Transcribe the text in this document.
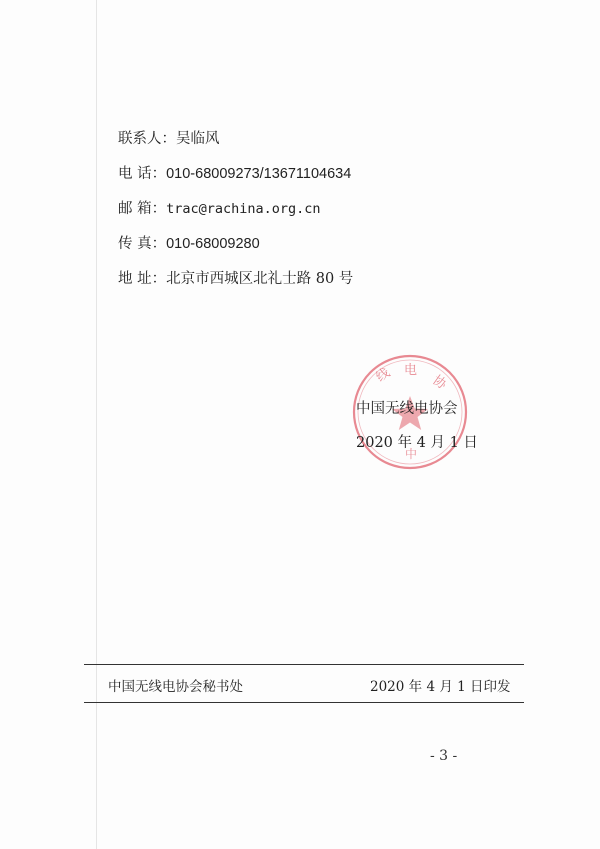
联系人：吴临风
电 话：010-68009273/13671104634
邮 箱：trac@rachina.org.cn
传 真：010-68009280
地 址：北京市西城区北礼士路 80 号
线 电
协
中
中国无线电协会
2020 年 4 月 1 日
中国无线电协会秘书处	2020 年 4 月 1 日印发
- 3 -
